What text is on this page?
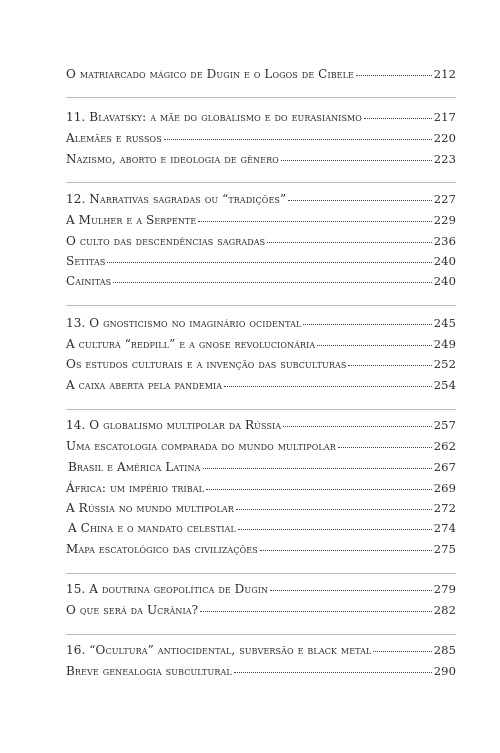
O matriarcado mágico de Dugin e o Logos de Cibele	212
11. Blavatsky: a mãe do globalismo e do eurasianismo	217
Alemães e russos	220
Nazismo, aborto e ideologia de gênero	223
12. Narrativas sagradas ou “tradições”	227
A Mulher e a Serpente	229
O culto das descendências sagradas	236
Setitas	240
Cainitas	240
13. O gnosticismo no imaginário ocidental	245
A cultura “redpill” e a gnose revolucionária	249
Os estudos culturais e a invenção das subculturas	252
A caixa aberta pela pandemia	254
14. O globalismo multipolar da Rússia	257
Uma escatologia comparada do mundo multipolar	262
Brasil e América Latina	267
África: um império tribal	269
A Rússia no mundo multipolar	272
A China e o mandato celestial	274
Mapa escatológico das civilizações	275
15. A doutrina geopolítica de Dugin	279
O que será da Ucrânia?	282
16. “Ocultura” antiocidental, subversão e black metal	285
Breve genealogia subcultural	290
